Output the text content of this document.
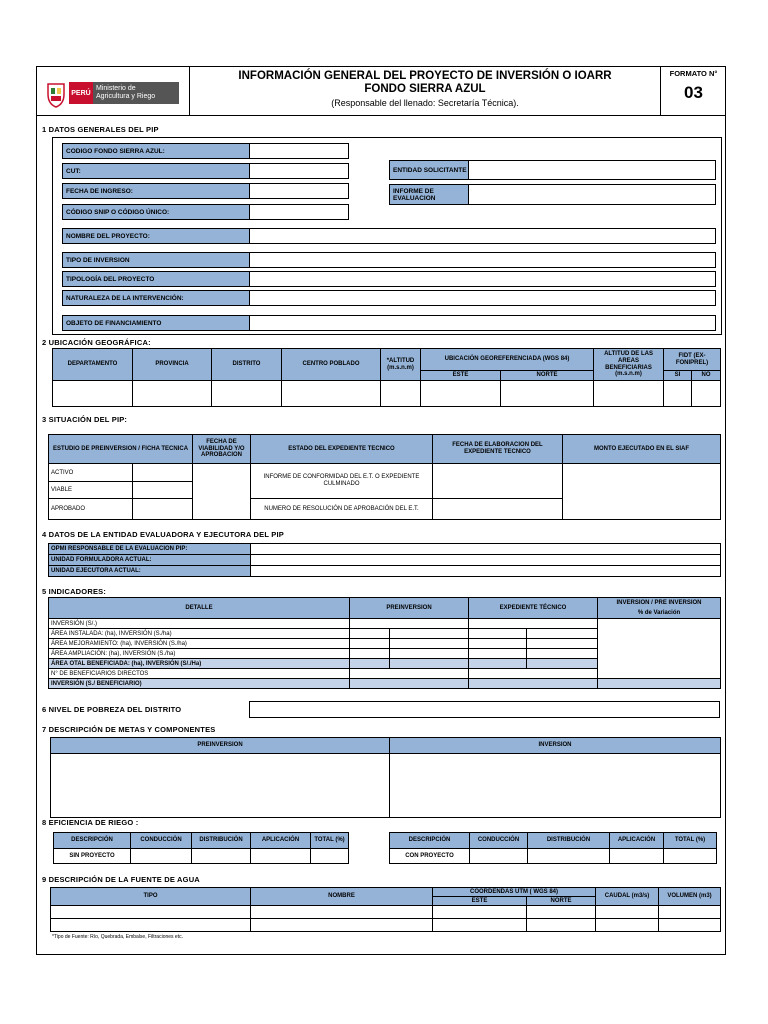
PERÚ
Ministerio de
Agricultura y Riego
INFORMACIÓN GENERAL DEL PROYECTO DE INVERSIÓN O IOARR
FONDO SIERRA AZUL
(Responsable del llenado: Secretaría Técnica).
FORMATO N°
03
1 DATOS GENERALES DEL PIP
CODIGO FONDO SIERRA AZUL:
CUT:
FECHA DE INGRESO:
CÓDIGO SNIP O CÓDIGO ÚNICO:
ENTIDAD SOLICITANTE
INFORME DE EVALUACION
NOMBRE DEL PROYECTO:
TIPO DE INVERSION
TIPOLOGÍA DEL PROYECTO
NATURALEZA DE LA INTERVENCIÓN:
OBJETO DE FINANCIAMIENTO
2 UBICACIÓN GEOGRÁFICA:
DEPARTAMENTO	PROVINCIA	DISTRITO	CENTRO POBLADO	*ALTITUD (m.s.n.m)	UBICACIÓN GEOREFERENCIADA (WGS 84)		ALTITUD DE LAS AREAS BENEFICIARIAS (m.s.n.m)	FIDT (EX-FONIPREL)	
					ESTE	NORTE		SI	NO

3 SITUACIÓN DEL PIP:
ESTUDIO DE PREINVERSION / FICHA TECNICA		FECHA DE VIABILIDAD Y/O APROBACION	ESTADO DEL EXPEDIENTE TECNICO	FECHA DE ELABORACION DEL EXPEDIENTE TECNICO	MONTO EJECUTADO EN EL SIAF
ACTIVO			INFORME DE CONFORMIDAD DEL E.T. O EXPEDIENTE CULMINADO		
VIABLE					
APROBADO			NUMERO DE RESOLUCIÓN DE APROBACIÓN DEL E.T.		
4 DATOS DE LA ENTIDAD EVALUADORA Y EJECUTORA DEL PIP
OPMI RESPONSABLE DE LA EVALUACION PIP:	
UNIDAD FORMULADORA ACTUAL:	
UNIDAD EJECUTORA ACTUAL:	
5 INDICADORES:
DETALLE	PREINVERSION		EXPEDIENTE TÉCNICO		INVERSION / PRE INVERSION
% de Variación

INVERSIÓN (S/.)					
ÁREA INSTALADA: (ha), INVERSIÓN (S./ha)					
ÁREA MEJORAMIENTO: (ha), INVERSIÓN (S./ha)					
ÁREA AMPLIACIÓN: (ha), INVERSIÓN (S./ha)					
ÁREA OTAL BENEFICIADA: (ha), INVERSIÓN (S/./Ha)					
N° DE BENEFICIARIOS DIRECTOS					
INVERSIÓN (S./ BENEFICIARIO)					
6 NIVEL DE POBREZA DEL DISTRITO
7 DESCRIPCIÓN DE METAS Y COMPONENTES
PREINVERSION	INVERSION

8 EFICIENCIA DE RIEGO :
DESCRIPCIÓN	CONDUCCIÓN	DISTRIBUCIÓN	APLICACIÓN	TOTAL (%)
SIN PROYECTO				
DESCRIPCIÓN	CONDUCCIÓN	DISTRIBUCIÓN	APLICACIÓN	TOTAL (%)
CON PROYECTO				
9 DESCRIPCIÓN DE LA FUENTE DE AGUA
TIPO	NOMBRE	COORDENDAS UTM ( WGS 84)		CAUDAL (m3/s)	VOLUMEN (m3)
		ESTE	NORTE		

*Tipo de Fuente: Río, Quebrada, Embalse, Filtraciones etc.
